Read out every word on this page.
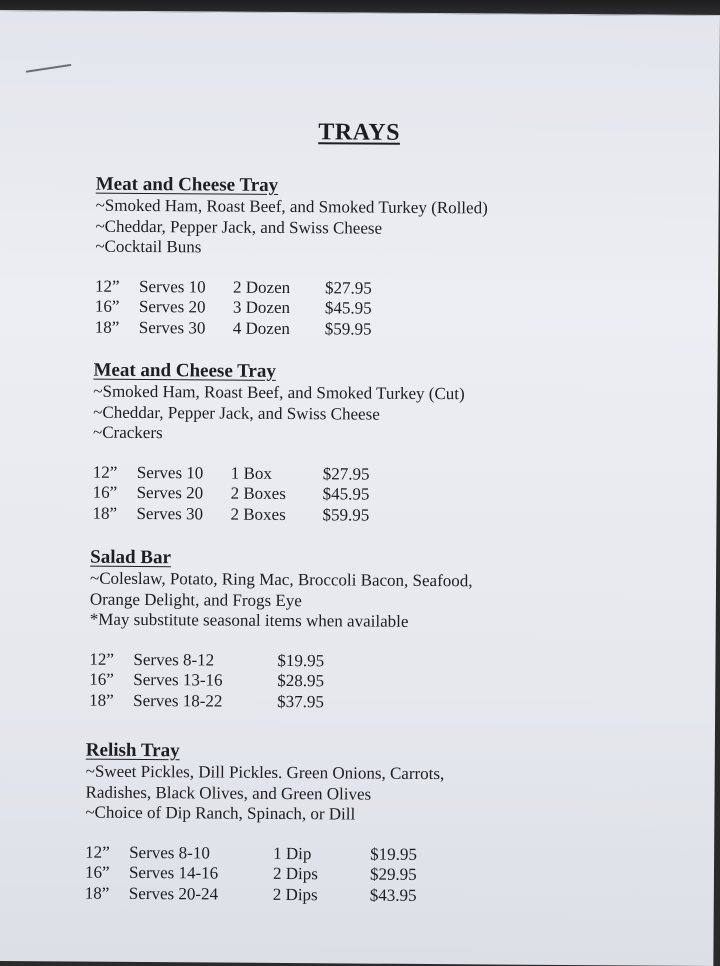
TRAYS
Meat and Cheese Tray
~Smoked Ham, Roast Beef, and Smoked Turkey (Rolled)
~Cheddar, Pepper Jack, and Swiss Cheese
~Cocktail Buns
12”	Serves 10	2 Dozen	$27.95
16”	Serves 20	3 Dozen	$45.95
18”	Serves 30	4 Dozen	$59.95
Meat and Cheese Tray
~Smoked Ham, Roast Beef, and Smoked Turkey (Cut)
~Cheddar, Pepper Jack, and Swiss Cheese
~Crackers
12”	Serves 10	1 Box	$27.95
16”	Serves 20	2 Boxes	$45.95
18”	Serves 30	2 Boxes	$59.95
Salad Bar
~Coleslaw, Potato, Ring Mac, Broccoli Bacon, Seafood,
Orange Delight, and Frogs Eye
*May substitute seasonal items when available
12”	Serves 8-12	$19.95
16”	Serves 13-16	$28.95
18”	Serves 18-22	$37.95
Relish Tray
~Sweet Pickles, Dill Pickles. Green Onions, Carrots,
Radishes, Black Olives, and Green Olives
~Choice of Dip Ranch, Spinach, or Dill
12”	Serves 8-10	1 Dip	$19.95
16”	Serves 14-16	2 Dips	$29.95
18”	Serves 20-24	2 Dips	$43.95
